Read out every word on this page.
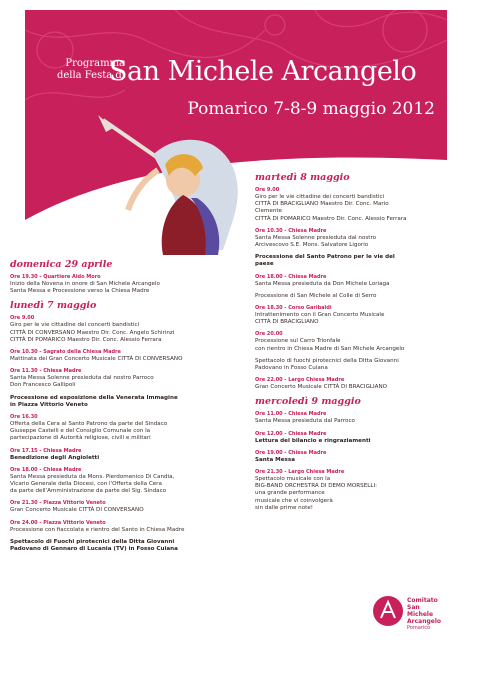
Programma
della Festa di
San Michele Arcangelo
Pomarico 7-8-9 maggio 2012
Comitato
San Michele
Arcangelo
Pomarico
domenica 29 aprile
Ore 19.30 - Quartiere Aldo Moro
Inizio della Novena in onore di San Michele Arcangelo
Santa Messa e Processione verso la Chiesa Madre
lunedì 7 maggio
Ore 9.00
Giro per le vie cittadine dei concerti bandistici
CITTÀ DI CONVERSANO Maestro Dir. Conc. Angelo Schirinzi
CITTÀ DI POMARICO Maestro Dir. Conc. Alessio Ferrara
Ore 10.30 - Sagrato della Chiesa Madre
Mattinata del Gran Concerto Musicale CITTÀ DI CONVERSANO
Ore 11.30 - Chiesa Madre
Santa Messa Solenne presieduta dal nostro Parroco
Don Francesco Gallipoli
Processione ed esposizione della Venerata Immagine
in Piazza Vittorio Veneto
Ore 16.30
Offerta della Cera al Santo Patrono da parte del Sindaco
Giuseppe Castelli e del Consiglio Comunale con la
partecipazione di Autorità religiose, civili e militari
Ore 17.15 - Chiesa Madre
Benedizione degli Angioletti
Ore 18.00 - Chiesa Madre
Santa Messa presieduta da Mons. Pierdomenico Di Candia,
Vicario Generale della Diocesi, con l'Offerta della Cera
da parte dell'Amministrazione da parte del Sig. Sindaco
Ore 21.30 - Piazza Vittorio Veneto
Gran Concerto Musicale CITTÀ DI CONVERSANO
Ore 24.00 - Piazza Vittorio Veneto
Processione con fiaccolata e rientro del Santo in Chiesa Madre
Spettacolo di Fuochi pirotecnici della Ditta Giovanni
Padovano di Gennaro di Lucania (TV) in Fosso Cuiana
martedì 8 maggio
Ore 9.00
Giro per le vie cittadine dei concerti bandistici
CITTÀ DI BRACIGLIANO Maestro Dir. Conc. Mario Clemente
CITTÀ DI POMARICO Maestro Dir. Conc. Alessio Ferrara
Ore 10.30 - Chiesa Madre
Santa Messa Solenne presieduta dal nostro
Arcivescovo S.E. Mons. Salvatore Ligorio
Processione del Santo Patrono per le vie del paese
Ore 18.00 - Chiesa Madre
Santa Messa presieduta da Don Michele Loriaga
Processione di San Michele al Colle di Serro
Ore 18.30 - Corso Garibaldi
Intrattenimento con il Gran Concerto Musicale
CITTÀ DI BRACIGLIANO
Ore 20.00
Processione sul Carro Trionfale
con rientro in Chiesa Madre di San Michele Arcangelo
Spettacolo di fuochi pirotecnici della Ditta Giovanni
Padovano in Fosso Cuiana
Ore 22.00 - Largo Chiesa Madre
Gran Concerto Musicale CITTÀ DI BRACIGLIANO
mercoledì 9 maggio
Ore 11.00 - Chiesa Madre
Santa Messa presieduta dal Parroco
Ore 12.00 - Chiesa Madre
Lettura del bilancio e ringraziamenti
Ore 19.00 - Chiesa Madre
Santa Messa
Ore 21.30 - Largo Chiesa Madre
Spettacolo musicale con la
BIG-BAND ORCHESTRA DI DEMO MORSELLI:
una grande performance
musicale che vi coinvolgerà
sin dalle prime note!
